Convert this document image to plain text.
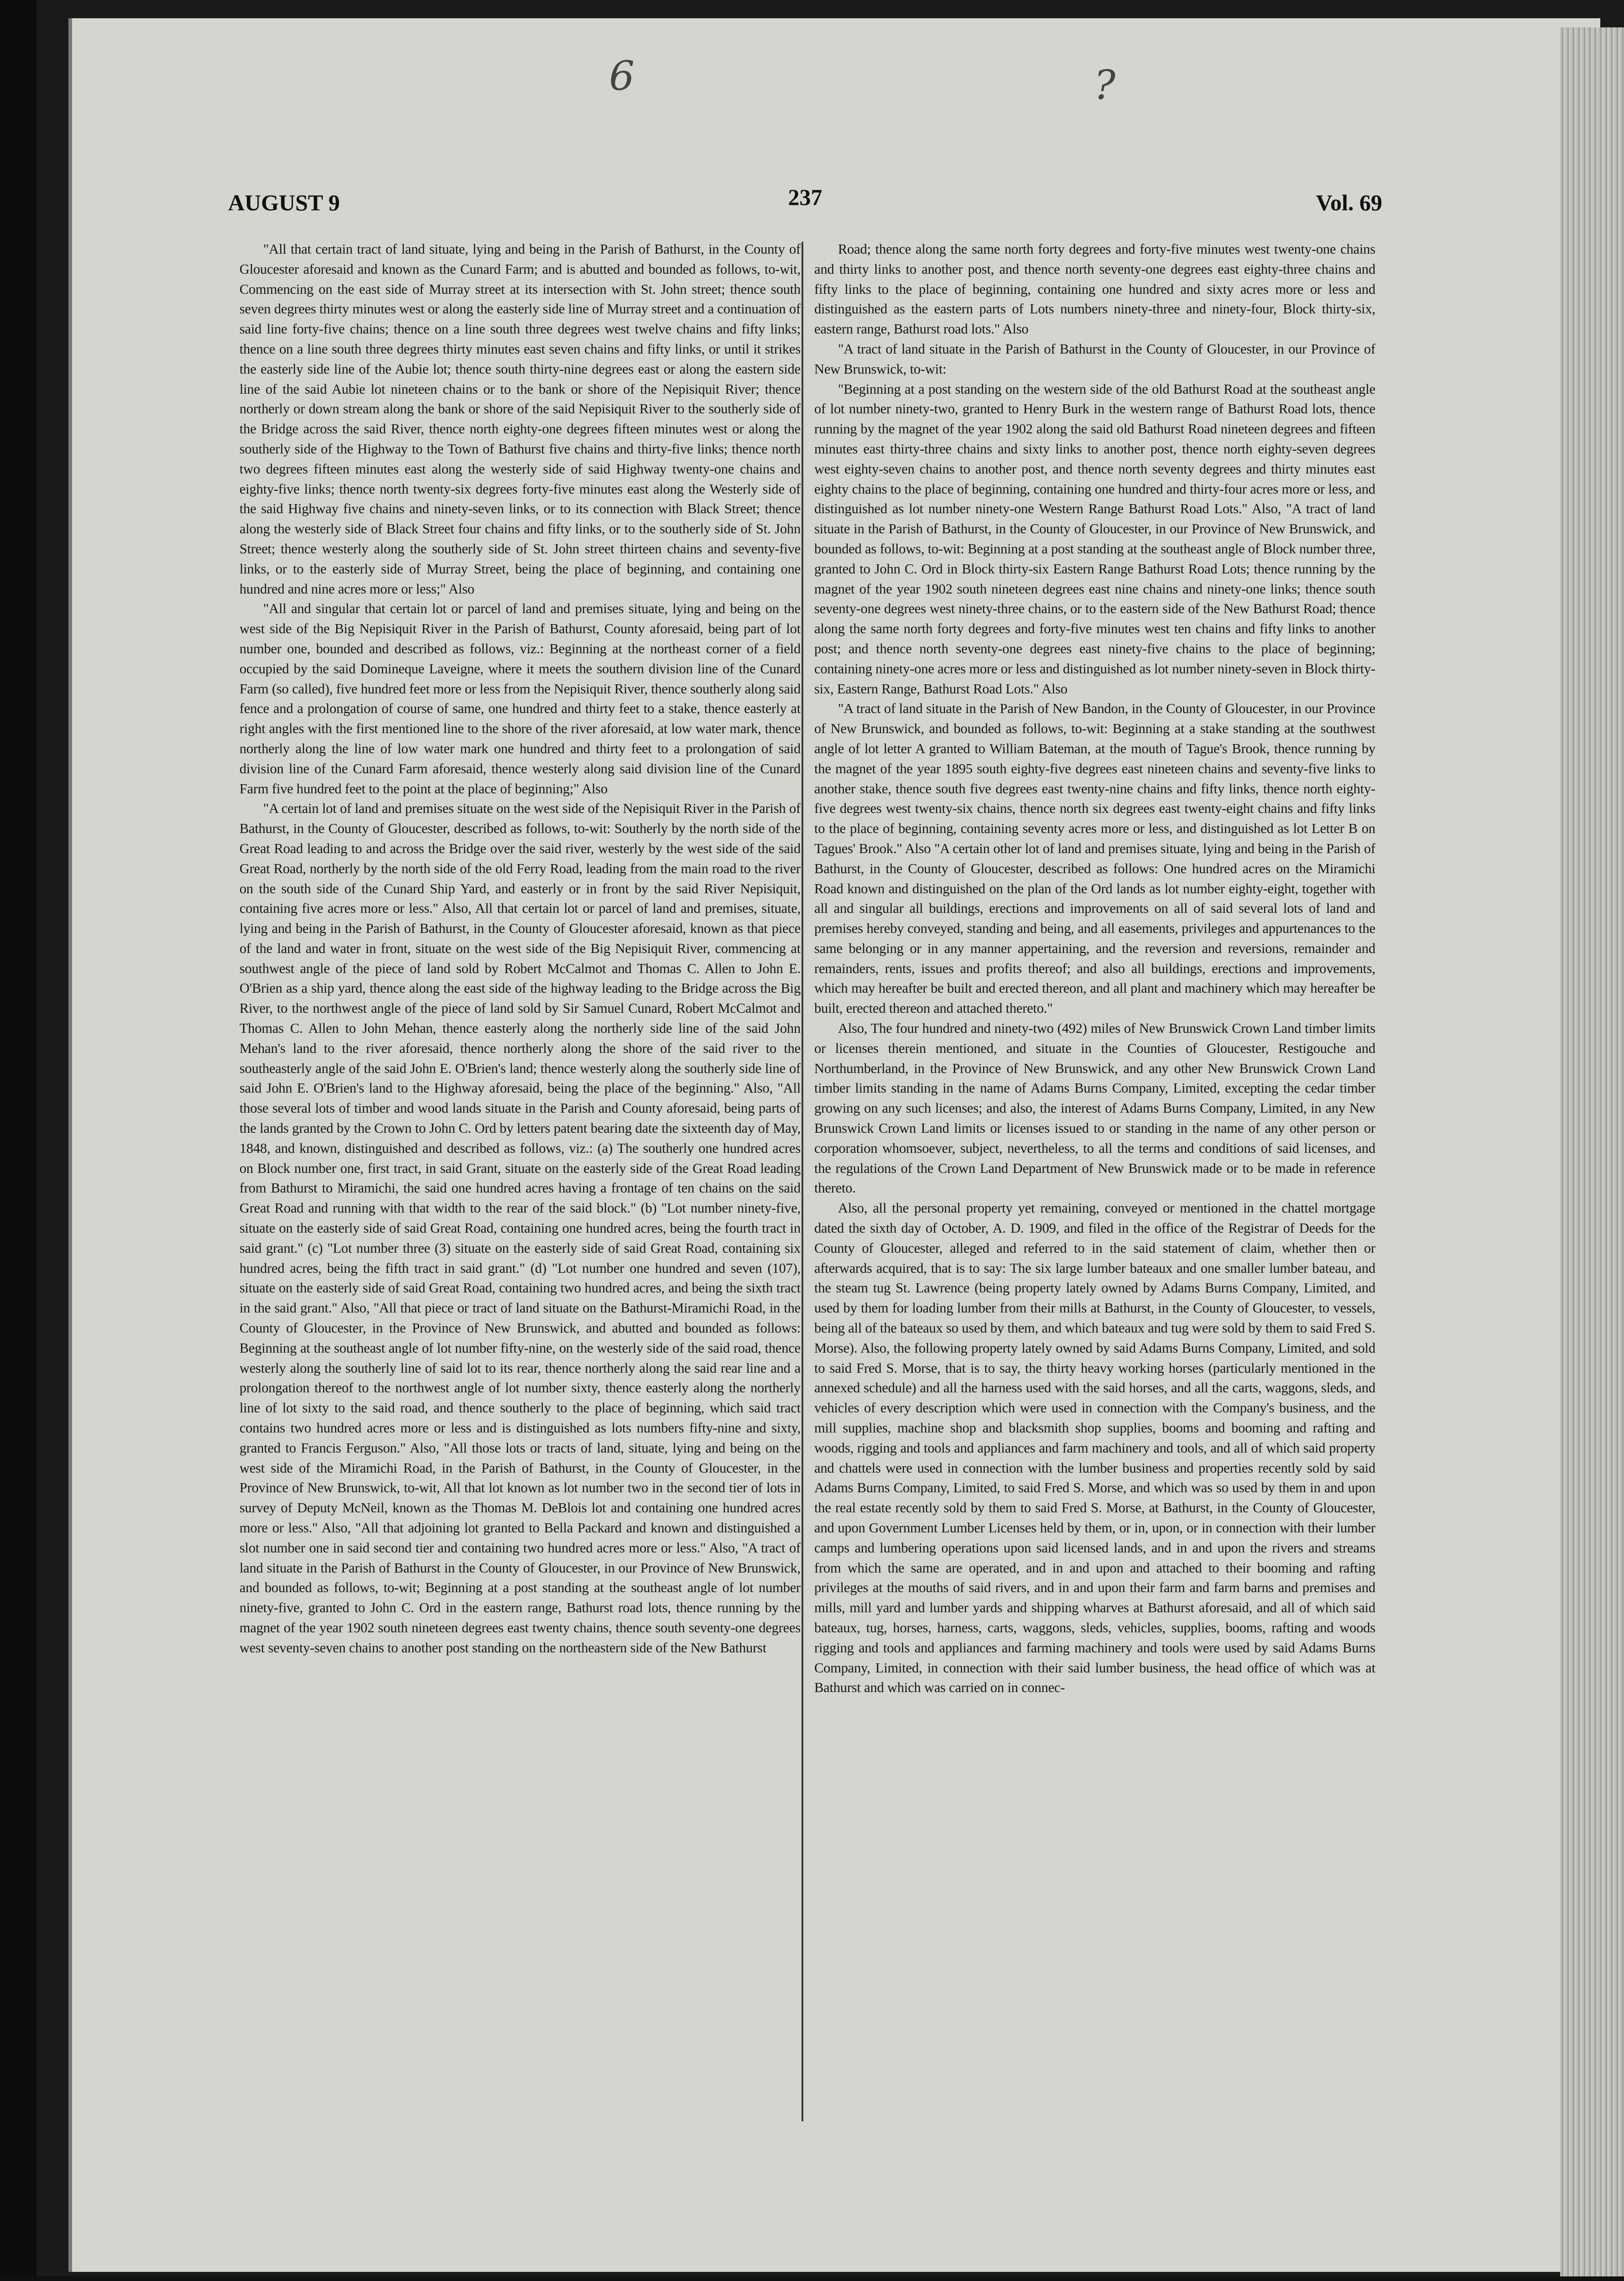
6	?
AUGUST 9	237	Vol. 69

"All that certain tract of land situate, lying and being in the Parish of Bathurst, in the County of Gloucester aforesaid and known as the Cunard Farm; and is abutted and bounded as follows, to-wit, Commencing on the east side of Murray street at its intersection with St. John street; thence south seven degrees thirty minutes west or along the easterly side line of Murray street and a continuation of said line forty-five chains; thence on a line south three degrees west twelve chains and fifty links; thence on a line south three degrees thirty minutes east seven chains and fifty links, or until it strikes the easterly side line of the Aubie lot; thence south thirty-nine degrees east or along the eastern side line of the said Aubie lot nineteen chains or to the bank or shore of the Nepisiquit River; thence northerly or down stream along the bank or shore of the said Nepisiquit River to the southerly side of the Bridge across the said River, thence north eighty-one degrees fifteen minutes west or along the southerly side of the Highway to the Town of Bathurst five chains and thirty-five links; thence north two degrees fifteen minutes east along the westerly side of said Highway twenty-one chains and eighty-five links; thence north twenty-six degrees forty-five minutes east along the Westerly side of the said Highway five chains and ninety-seven links, or to its connection with Black Street; thence along the westerly side of Black Street four chains and fifty links, or to the southerly side of St. John Street; thence westerly along the southerly side of St. John street thirteen chains and seventy-five links, or to the easterly side of Murray Street, being the place of beginning, and containing one hundred and nine acres more or less;" Also

"All and singular that certain lot or parcel of land and premises situate, lying and being on the west side of the Big Nepisiquit River in the Parish of Bathurst, County aforesaid, being part of lot number one, bounded and described as follows, viz.: Beginning at the northeast corner of a field occupied by the said Domineque Laveigne, where it meets the southern division line of the Cunard Farm (so called), five hundred feet more or less from the Nepisiquit River, thence southerly along said fence and a prolongation of course of same, one hundred and thirty feet to a stake, thence easterly at right angles with the first mentioned line to the shore of the river aforesaid, at low water mark, thence northerly along the line of low water mark one hundred and thirty feet to a prolongation of said division line of the Cunard Farm aforesaid, thence westerly along said division line of the Cunard Farm five hundred feet to the point at the place of beginning;" Also

"A certain lot of land and premises situate on the west side of the Nepisiquit River in the Parish of Bathurst, in the County of Gloucester, described as follows, to-wit: Southerly by the north side of the Great Road leading to and across the Bridge over the said river, westerly by the west side of the said Great Road, northerly by the north side of the old Ferry Road, leading from the main road to the river on the south side of the Cunard Ship Yard, and easterly or in front by the said River Nepisiquit, containing five acres more or less." Also, All that certain lot or parcel of land and premises, situate, lying and being in the Parish of Bathurst, in the County of Gloucester aforesaid, known as that piece of the land and water in front, situate on the west side of the Big Nepisiquit River, commencing at southwest angle of the piece of land sold by Robert McCalmot and Thomas C. Allen to John E. O'Brien as a ship yard, thence along the east side of the highway leading to the Bridge across the Big River, to the northwest angle of the piece of land sold by Sir Samuel Cunard, Robert McCalmot and Thomas C. Allen to John Mehan, thence easterly along the northerly side line of the said John Mehan's land to the river aforesaid, thence northerly along the shore of the said river to the southeasterly angle of the said John E. O'Brien's land; thence westerly along the southerly side line of said John E. O'Brien's land to the Highway aforesaid, being the place of the beginning." Also, "All those several lots of timber and wood lands situate in the Parish and County aforesaid, being parts of the lands granted by the Crown to John C. Ord by letters patent bearing date the sixteenth day of May, 1848, and known, distinguished and described as follows, viz.: (a) The southerly one hundred acres on Block number one, first tract, in said Grant, situate on the easterly side of the Great Road leading from Bathurst to Miramichi, the said one hundred acres having a frontage of ten chains on the said Great Road and running with that width to the rear of the said block." (b) "Lot number ninety-five, situate on the easterly side of said Great Road, containing one hundred acres, being the fourth tract in said grant." (c) "Lot number three (3) situate on the easterly side of said Great Road, containing six hundred acres, being the fifth tract in said grant." (d) "Lot number one hundred and seven (107), situate on the easterly side of said Great Road, containing two hundred acres, and being the sixth tract in the said grant." Also, "All that piece or tract of land situate on the Bathurst-Miramichi Road, in the County of Gloucester, in the Province of New Brunswick, and abutted and bounded as follows: Beginning at the southeast angle of lot number fifty-nine, on the westerly side of the said road, thence westerly along the southerly line of said lot to its rear, thence northerly along the said rear line and a prolongation thereof to the northwest angle of lot number sixty, thence easterly along the northerly line of lot sixty to the said road, and thence southerly to the place of beginning, which said tract contains two hundred acres more or less and is distinguished as lots numbers fifty-nine and sixty, granted to Francis Ferguson." Also, "All those lots or tracts of land, situate, lying and being on the west side of the Miramichi Road, in the Parish of Bathurst, in the County of Gloucester, in the Province of New Brunswick, to-wit, All that lot known as lot number two in the second tier of lots in survey of Deputy McNeil, known as the Thomas M. DeBlois lot and containing one hundred acres more or less." Also, "All that adjoining lot granted to Bella Packard and known and distinguished a slot number one in said second tier and containing two hundred acres more or less." Also, "A tract of land situate in the Parish of Bathurst in the County of Gloucester, in our Province of New Brunswick, and bounded as follows, to-wit; Beginning at a post standing at the southeast angle of lot number ninety-five, granted to John C. Ord in the eastern range, Bathurst road lots, thence running by the magnet of the year 1902 south nineteen degrees east twenty chains, thence south seventy-one degrees west seventy-seven chains to another post standing on the northeastern side of the New Bathurst

Road; thence along the same north forty degrees and forty-five minutes west twenty-one chains and thirty links to another post, and thence north seventy-one degrees east eighty-three chains and fifty links to the place of beginning, containing one hundred and sixty acres more or less and distinguished as the eastern parts of Lots numbers ninety-three and ninety-four, Block thirty-six, eastern range, Bathurst road lots." Also

"A tract of land situate in the Parish of Bathurst in the County of Gloucester, in our Province of New Brunswick, to-wit:

"Beginning at a post standing on the western side of the old Bathurst Road at the southeast angle of lot number ninety-two, granted to Henry Burk in the western range of Bathurst Road lots, thence running by the magnet of the year 1902 along the said old Bathurst Road nineteen degrees and fifteen minutes east thirty-three chains and sixty links to another post, thence north eighty-seven degrees west eighty-seven chains to another post, and thence north seventy degrees and thirty minutes east eighty chains to the place of beginning, containing one hundred and thirty-four acres more or less, and distinguished as lot number ninety-one Western Range Bathurst Road Lots." Also, "A tract of land situate in the Parish of Bathurst, in the County of Gloucester, in our Province of New Brunswick, and bounded as follows, to-wit: Beginning at a post standing at the southeast angle of Block number three, granted to John C. Ord in Block thirty-six Eastern Range Bathurst Road Lots; thence running by the magnet of the year 1902 south nineteen degrees east nine chains and ninety-one links; thence south seventy-one degrees west ninety-three chains, or to the eastern side of the New Bathurst Road; thence along the same north forty degrees and forty-five minutes west ten chains and fifty links to another post; and thence north seventy-one degrees east ninety-five chains to the place of beginning; containing ninety-one acres more or less and distinguished as lot number ninety-seven in Block thirty-six, Eastern Range, Bathurst Road Lots." Also

"A tract of land situate in the Parish of New Bandon, in the County of Gloucester, in our Province of New Brunswick, and bounded as follows, to-wit: Beginning at a stake standing at the southwest angle of lot letter A granted to William Bateman, at the mouth of Tague's Brook, thence running by the magnet of the year 1895 south eighty-five degrees east nineteen chains and seventy-five links to another stake, thence south five degrees east twenty-nine chains and fifty links, thence north eighty-five degrees west twenty-six chains, thence north six degrees east twenty-eight chains and fifty links to the place of beginning, containing seventy acres more or less, and distinguished as lot Letter B on Tagues' Brook." Also "A certain other lot of land and premises situate, lying and being in the Parish of Bathurst, in the County of Gloucester, described as follows: One hundred acres on the Miramichi Road known and distinguished on the plan of the Ord lands as lot number eighty-eight, together with all and singular all buildings, erections and improvements on all of said several lots of land and premises hereby conveyed, standing and being, and all easements, privileges and appurtenances to the same belonging or in any manner appertaining, and the reversion and reversions, remainder and remainders, rents, issues and profits thereof; and also all buildings, erections and improvements, which may hereafter be built and erected thereon, and all plant and machinery which may hereafter be built, erected thereon and attached thereto."

Also, The four hundred and ninety-two (492) miles of New Brunswick Crown Land timber limits or licenses therein mentioned, and situate in the Counties of Gloucester, Restigouche and Northumberland, in the Province of New Brunswick, and any other New Brunswick Crown Land timber limits standing in the name of Adams Burns Company, Limited, excepting the cedar timber growing on any such licenses; and also, the interest of Adams Burns Company, Limited, in any New Brunswick Crown Land limits or licenses issued to or standing in the name of any other person or corporation whomsoever, subject, nevertheless, to all the terms and conditions of said licenses, and the regulations of the Crown Land Department of New Brunswick made or to be made in reference thereto.

Also, all the personal property yet remaining, conveyed or mentioned in the chattel mortgage dated the sixth day of October, A. D. 1909, and filed in the office of the Registrar of Deeds for the County of Gloucester, alleged and referred to in the said statement of claim, whether then or afterwards acquired, that is to say: The six large lumber bateaux and one smaller lumber bateau, and the steam tug St. Lawrence (being property lately owned by Adams Burns Company, Limited, and used by them for loading lumber from their mills at Bathurst, in the County of Gloucester, to vessels, being all of the bateaux so used by them, and which bateaux and tug were sold by them to said Fred S. Morse). Also, the following property lately owned by said Adams Burns Company, Limited, and sold to said Fred S. Morse, that is to say, the thirty heavy working horses (particularly mentioned in the annexed schedule) and all the harness used with the said horses, and all the carts, waggons, sleds, and vehicles of every description which were used in connection with the Company's business, and the mill supplies, machine shop and blacksmith shop supplies, booms and booming and rafting and woods, rigging and tools and appliances and farm machinery and tools, and all of which said property and chattels were used in connection with the lumber business and properties recently sold by said Adams Burns Company, Limited, to said Fred S. Morse, and which was so used by them in and upon the real estate recently sold by them to said Fred S. Morse, at Bathurst, in the County of Gloucester, and upon Government Lumber Licenses held by them, or in, upon, or in connection with their lumber camps and lumbering operations upon said licensed lands, and in and upon the rivers and streams from which the same are operated, and in and upon and attached to their booming and rafting privileges at the mouths of said rivers, and in and upon their farm and farm barns and premises and mills, mill yard and lumber yards and shipping wharves at Bathurst aforesaid, and all of which said bateaux, tug, horses, harness, carts, waggons, sleds, vehicles, supplies, booms, rafting and woods rigging and tools and appliances and farming machinery and tools were used by said Adams Burns Company, Limited, in connection with their said lumber business, the head office of which was at Bathurst and which was carried on in connec-
